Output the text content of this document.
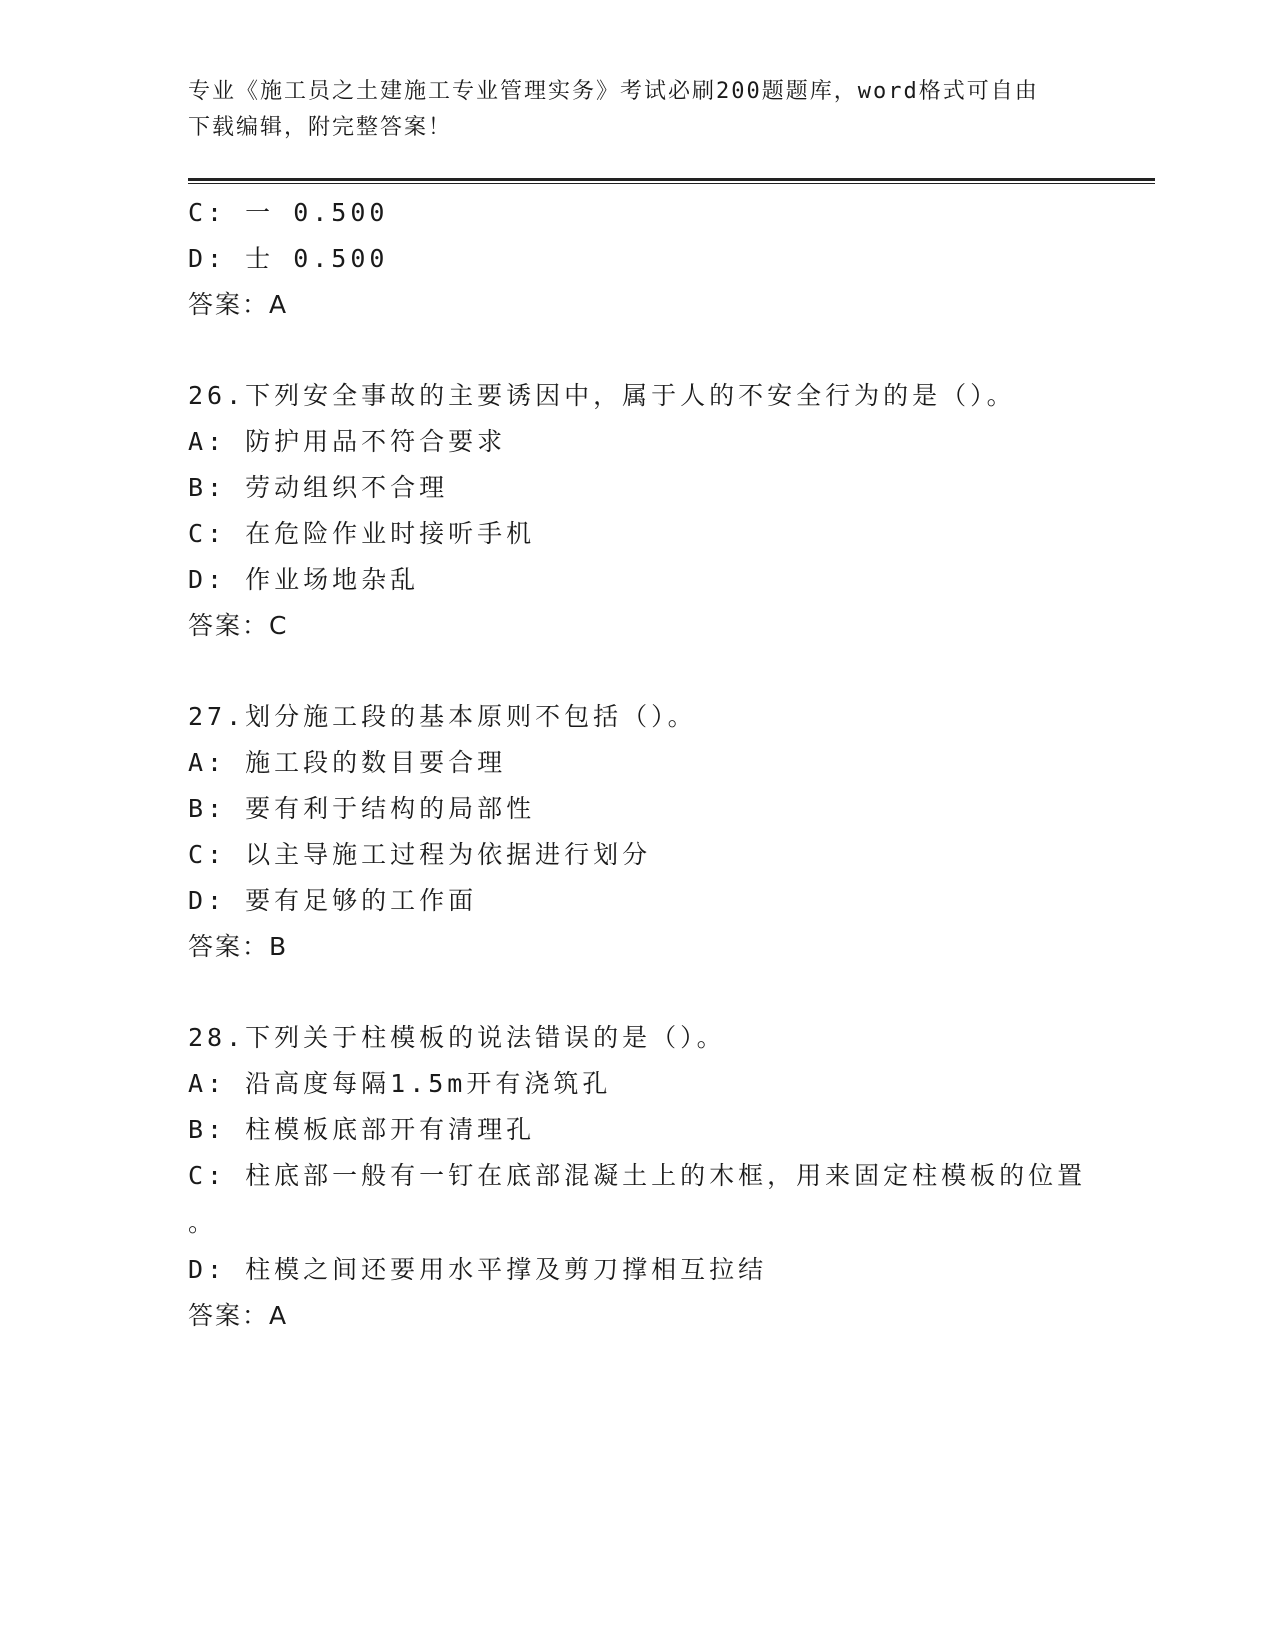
专业《施工员之土建施工专业管理实务》考试必刷200题题库，word格式可自由
下载编辑，附完整答案！
C: 一 0.500
D: 士 0.500
答案：A
26.下列安全事故的主要诱因中，属于人的不安全行为的是（）。
A: 防护用品不符合要求
B: 劳动组织不合理
C: 在危险作业时接听手机
D: 作业场地杂乱
答案：C
27.划分施工段的基本原则不包括（）。
A: 施工段的数目要合理
B: 要有利于结构的局部性
C: 以主导施工过程为依据进行划分
D: 要有足够的工作面
答案：B
28.下列关于柱模板的说法错误的是（）。
A: 沿高度每隔1.5m开有浇筑孔
B: 柱模板底部开有清理孔
C: 柱底部一般有一钉在底部混凝土上的木框，用来固定柱模板的位置
。
D: 柱模之间还要用水平撑及剪刀撑相互拉结
答案：A
